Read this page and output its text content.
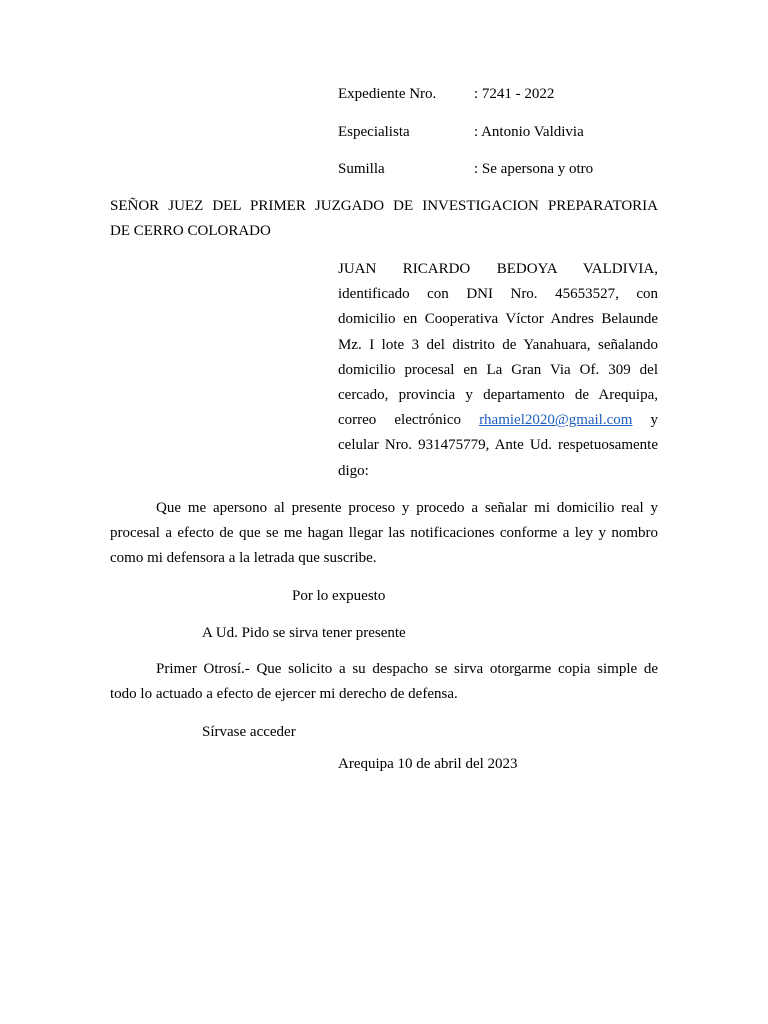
Expediente Nro.	: 7241 - 2022
Especialista	: Antonio Valdivia
Sumilla	: Se apersona y otro
SEÑOR JUEZ DEL PRIMER JUZGADO DE INVESTIGACION PREPARATORIA
DE CERRO COLORADO
JUAN RICARDO BEDOYA VALDIVIA,
identificado con DNI Nro. 45653527, con
domicilio en Cooperativa Víctor Andres Belaunde
Mz. I lote 3 del distrito de Yanahuara, señalando
domicilio procesal en La Gran Via Of. 309 del
cercado, provincia y departamento de Arequipa,
correo electrónico rhamiel2020@gmail.com y
celular Nro. 931475779, Ante Ud. respetuosamente
digo:
Que me apersono al presente proceso y procedo a señalar mi domicilio real y
procesal a efecto de que se me hagan llegar las notificaciones conforme a ley y nombro
como mi defensora a la letrada que suscribe.
Por lo expuesto
A Ud. Pido se sirva tener presente
Primer Otrosí.- Que solicito a su despacho se sirva otorgarme copia simple de
todo lo actuado a efecto de ejercer mi derecho de defensa.
Sírvase acceder
Arequipa 10 de abril del 2023
